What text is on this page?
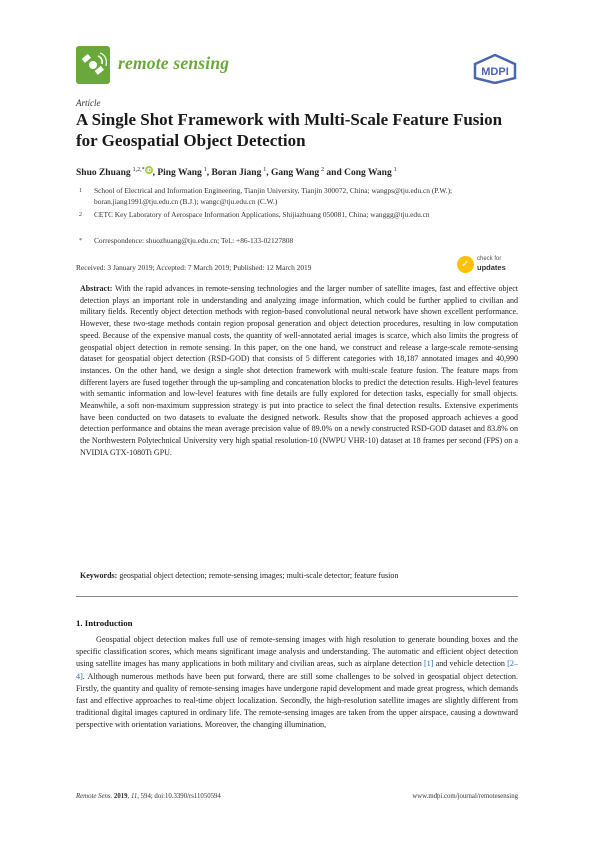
remote sensing	MDPI
Article
A Single Shot Framework with Multi-Scale Feature Fusion for Geospatial Object Detection
Shuo Zhuang  $^{1,2,*}$ iD , Ping Wang  $^1$, Boran Jiang  $^1$, Gang Wang  $^2$ and Cong Wang  $^1$
1 School of Electrical and Information Engineering, Tianjin University, Tianjin 300072, China; wangps@tju.edu.cn (P.W.); boran.jiang1991@tju.edu.cn (B.J.); wangc@tju.edu.cn (C.W.)
2 CETC Key Laboratory of Aerospace Information Applications, Shijiazhuang 050081, China; wanggg@tju.edu.cn
* Correspondence: shuozhuang@tju.edu.cn; Tel.: +86-133-02127808
✓ check for
updates
Received: 3 January 2019; Accepted: 7 March 2019; Published: 12 March 2019
Abstract: With the rapid advances in remote-sensing technologies and the larger number of satellite images, fast and effective object detection plays an important role in understanding and analyzing image information, which could be further applied to civilian and military fields. Recently object detection methods with region-based convolutional neural network have shown excellent performance. However, these two-stage methods contain region proposal generation and object detection procedures, resulting in low computation speed. Because of the expensive manual costs, the quantity of well-annotated aerial images is scarce, which also limits the progress of geospatial object detection in remote sensing. In this paper, on the one hand, we construct and release a large-scale remote-sensing dataset for geospatial object detection (RSD-GOD) that consists of 5 different categories with 18,187 annotated images and 40,990 instances. On the other hand, we design a single shot detection framework with multi-scale feature fusion. The feature maps from different layers are fused together through the up-sampling and concatenation blocks to predict the detection results. High-level features with semantic information and low-level features with fine details are fully explored for detection tasks, especially for small objects. Meanwhile, a soft non-maximum suppression strategy is put into practice to select the final detection results. Extensive experiments have been conducted on two datasets to evaluate the designed network. Results show that the proposed approach achieves a good detection performance and obtains the mean average precision value of 89.0% on a newly constructed RSD-GOD dataset and 83.8% on the Northwestern Polytechnical University very high spatial resolution-10 (NWPU VHR-10) dataset at 18 frames per second (FPS) on a NVIDIA GTX-1080Ti GPU.
Keywords: geospatial object detection; remote-sensing images; multi-scale detector; feature fusion
1. Introduction

Geospatial object detection makes full use of remote-sensing images with high resolution to generate bounding boxes and the specific classification scores, which means significant image analysis and understanding. The automatic and efficient object detection using satellite images has many applications in both military and civilian areas, such as airplane detection [1] and vehicle detection [2–4]. Although numerous methods have been put forward, there are still some challenges to be solved in geospatial object detection. Firstly, the quantity and quality of remote-sensing images have undergone rapid development and made great progress, which demands fast and effective approaches to real-time object localization. Secondly, the high-resolution satellite images are slightly different from traditional digital images captured in ordinary life. The remote-sensing images are taken from the upper airspace, causing a downward perspective with orientation variations. Moreover, the changing illumination,

Remote Sens. 2019, 11, 594; doi:10.3390/rs11050594	www.mdpi.com/journal/remotesensing
